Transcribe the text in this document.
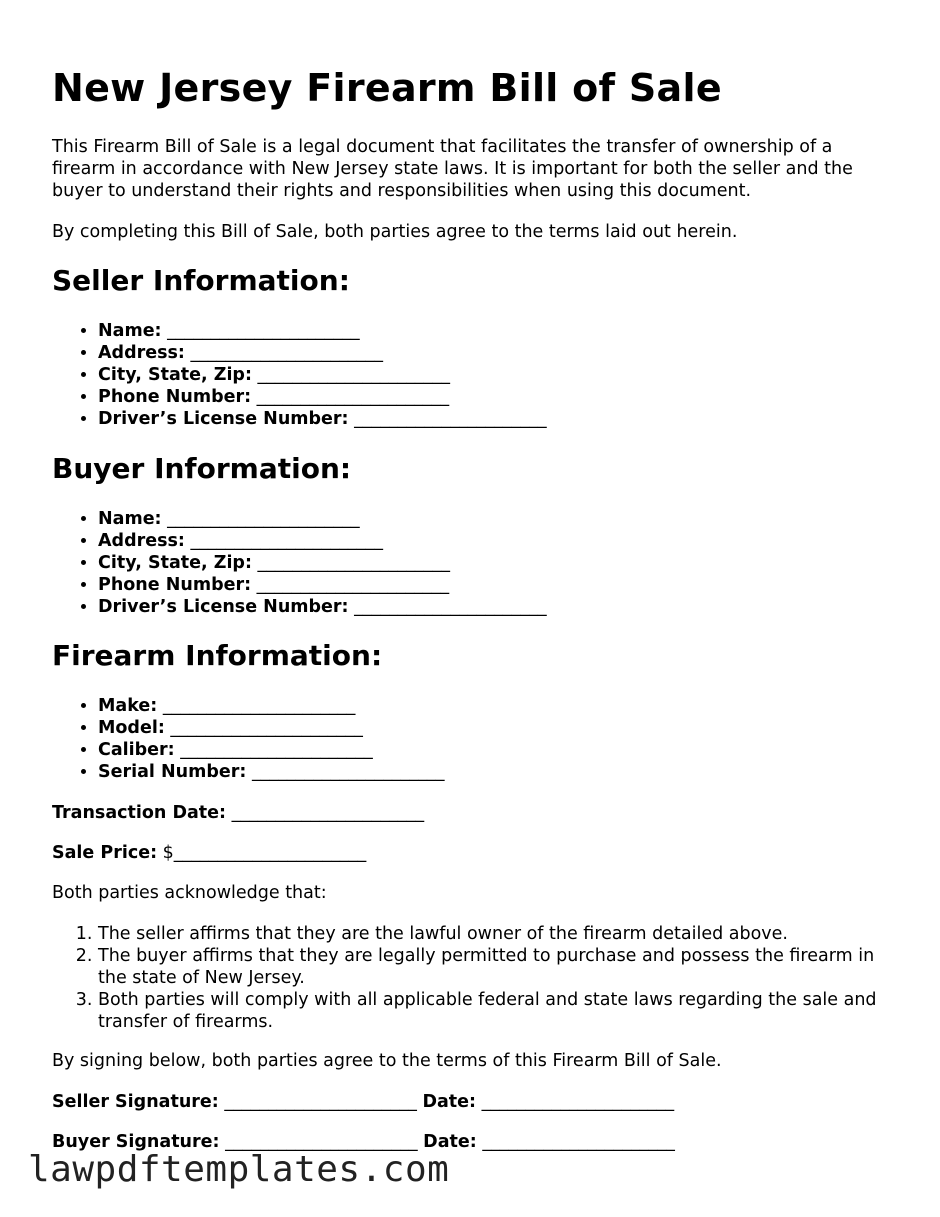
New Jersey Firearm Bill of Sale

This Firearm Bill of Sale is a legal document that facilitates the transfer of ownership of a firearm in accordance with New Jersey state laws. It is important for both the seller and the buyer to understand their rights and responsibilities when using this document.

By completing this Bill of Sale, both parties agree to the terms laid out herein.

Seller Information:
• Name: ______________________
• Address: ______________________
• City, State, Zip: ______________________
• Phone Number: ______________________
• Driver’s License Number: ______________________
Buyer Information:
• Name: ______________________
• Address: ______________________
• City, State, Zip: ______________________
• Phone Number: ______________________
• Driver’s License Number: ______________________
Firearm Information:
• Make: ______________________
• Model: ______________________
• Caliber: ______________________
• Serial Number: ______________________

Transaction Date: ______________________

Sale Price: $______________________

Both parties acknowledge that:

1. The seller affirms that they are the lawful owner of the firearm detailed above.
2. The buyer affirms that they are legally permitted to purchase and possess the firearm in the state of New Jersey.
3. Both parties will comply with all applicable federal and state laws regarding the sale and transfer of firearms.

By signing below, both parties agree to the terms of this Firearm Bill of Sale.

Seller Signature: ______________________ Date: ______________________

Buyer Signature: ______________________ Date: ______________________

lawpdftemplates.com
